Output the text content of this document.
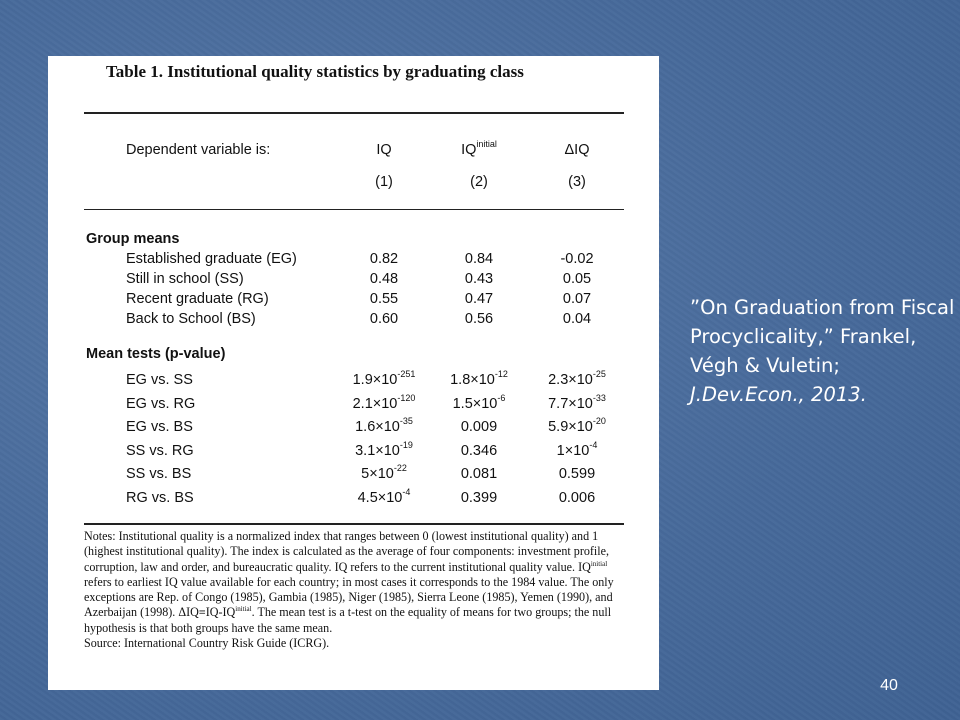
Table 1. Institutional quality statistics by graduating class
Dependent variable is:	IQ	$IQ^{initial}$	ΔIQ
(1)	(2)	(3)
Group means
Established graduate (EG)	0.82	0.84	-0.02
Still in school (SS)	0.48	0.43	0.05
Recent graduate (RG)	0.55	0.47	0.07
Back to School (BS)	0.60	0.56	0.04
Mean tests (p-value)
EG vs. SS	$1.9\times 10^{-251}$	$1.8\times 10^{-12}$	$2.3\times 10^{-25}$
EG vs. RG	$2.1\times 10^{-120}$	$1.5\times 10^{-6}$	$7.7\times 10^{-33}$
EG vs. BS	$1.6\times 10^{-35}$	0.009	$5.9\times 10^{-20}$
SS vs. RG	$3.1\times 10^{-19}$	0.346	$1\times 10^{-4}$
SS vs. BS	$5\times 10^{-22}$	0.081	0.599
RG vs. BS	$4.5\times 10^{-4}$	0.399	0.006
Notes: Institutional quality is a normalized index that ranges between 0 (lowest institutional quality) and 1 (highest institutional quality). The index is calculated as the average of four components: investment profile, corruption, law and order, and bureaucratic quality. IQ refers to the current institutional quality value. $IQ^{initial}$ refers to earliest IQ value available for each country; in most cases it corresponds to the 1984 value. The only exceptions are Rep. of Congo (1985), Gambia (1985), Niger (1985), Sierra Leone (1985), Yemen (1990), and Azerbaijan (1998). $\Delta IQ\equiv IQ-IQ^{initial}$. The mean test is a t-test on the equality of means for two groups; the null hypothesis is that both groups have the same mean.
Source: International Country Risk Guide (ICRG).
”On Graduation from Fiscal Procyclicality,” Frankel, Végh & Vuletin; J.Dev.Econ., 2013.
40
